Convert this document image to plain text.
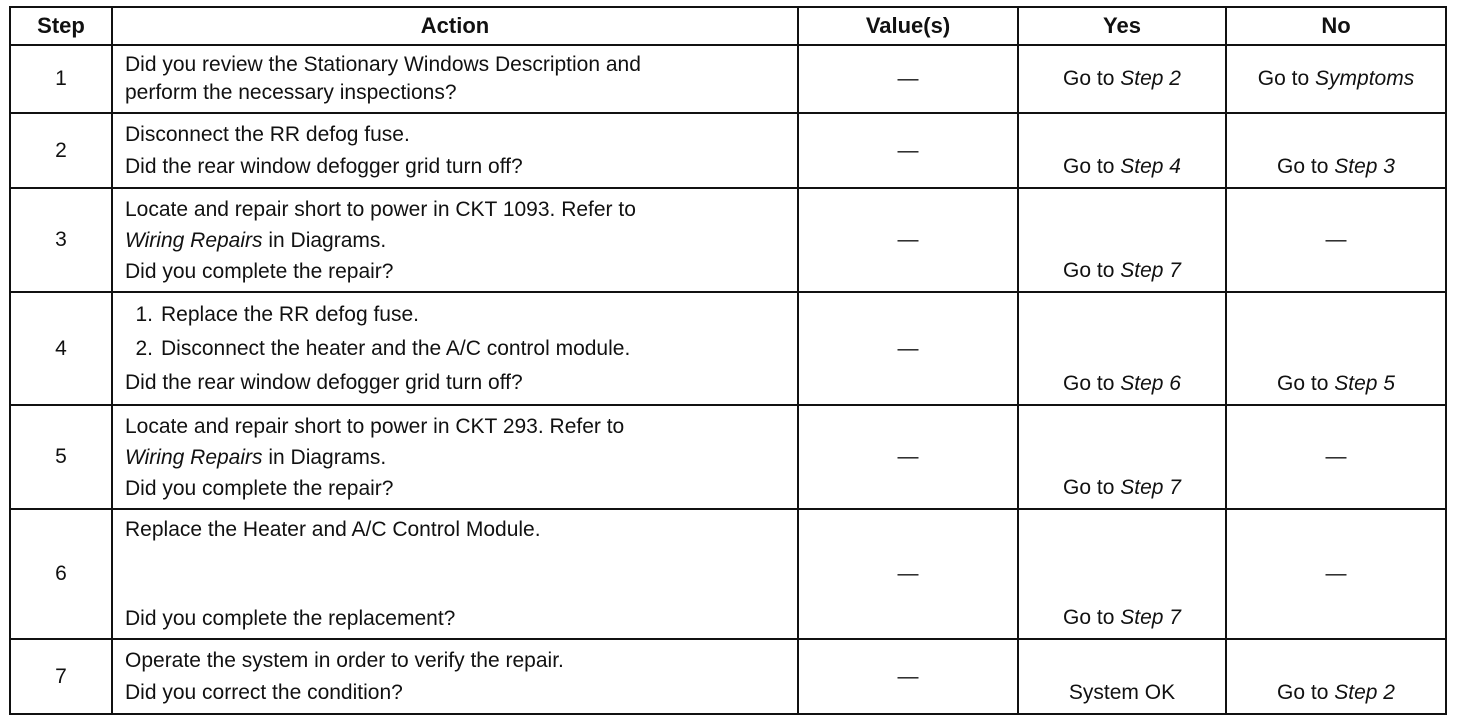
Step	Action	Value(s)	Yes	No
1	Did you review the Stationary Windows Description and
perform the necessary inspections?	—	Go to Step 2	Go to Symptoms
2	Disconnect the RR defog fuse.
Did the rear window defogger grid turn off?	—	Go to Step 4	Go to Step 3
3	Locate and repair short to power in CKT 1093. Refer to
Wiring Repairs in Diagrams.
Did you complete the repair?	—	Go to Step 7	—
4	1. Replace the RR defog fuse.
2. Disconnect the heater and the A/C control module.
Did the rear window defogger grid turn off?	—	Go to Step 6	Go to Step 5
5	Locate and repair short to power in CKT 293. Refer to
Wiring Repairs in Diagrams.
Did you complete the repair?	—	Go to Step 7	—
6	Replace the Heater and A/C Control Module.
Did you complete the replacement?	—	Go to Step 7	—
7	Operate the system in order to verify the repair.
Did you correct the condition?	—	System OK	Go to Step 2
